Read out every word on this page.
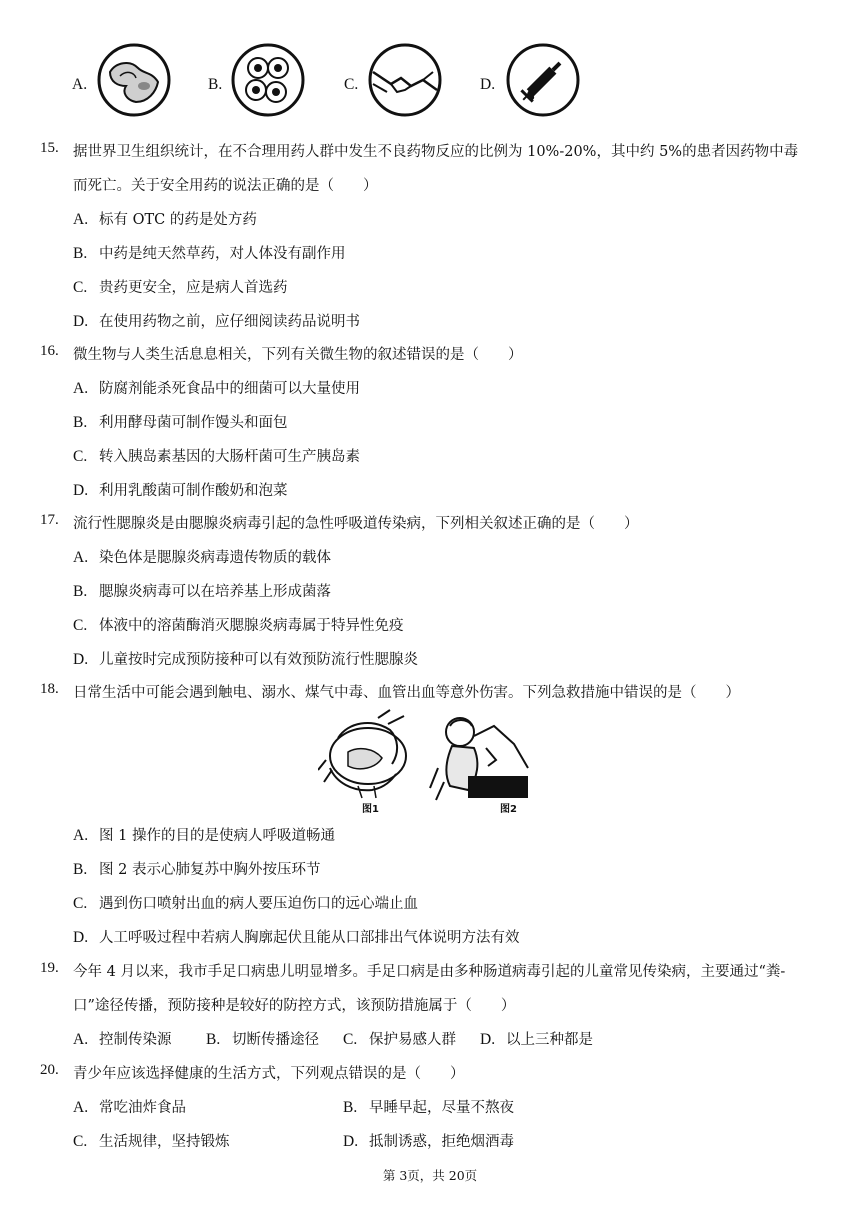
A.	B.	C.	D.
15. 据世界卫生组织统计，在不合理用药人群中发生不良药物反应的比例为 10%-20%，其中约 5%的患者因药物中毒
而死亡。关于安全用药的说法正确的是（　　）
A. 标有 OTC 的药是处方药
B. 中药是纯天然草药，对人体没有副作用
C. 贵药更安全，应是病人首选药
D. 在使用药物之前，应仔细阅读药品说明书
16. 微生物与人类生活息息相关，下列有关微生物的叙述错误的是（　　）
A. 防腐剂能杀死食品中的细菌可以大量使用
B. 利用酵母菌可制作馒头和面包
C. 转入胰岛素基因的大肠杆菌可生产胰岛素
D. 利用乳酸菌可制作酸奶和泡菜
17. 流行性腮腺炎是由腮腺炎病毒引起的急性呼吸道传染病，下列相关叙述正确的是（　　）
A. 染色体是腮腺炎病毒遗传物质的载体
B. 腮腺炎病毒可以在培养基上形成菌落
C. 体液中的溶菌酶消灭腮腺炎病毒属于特异性免疫
D. 儿童按时完成预防接种可以有效预防流行性腮腺炎
18. 日常生活中可能会遇到触电、溺水、煤气中毒、血管出血等意外伤害。下列急救措施中错误的是（　　）
图1	图2
A. 图 1 操作的目的是使病人呼吸道畅通
B. 图 2 表示心肺复苏中胸外按压环节
C. 遇到伤口喷射出血的病人要压迫伤口的远心端止血
D. 人工呼吸过程中若病人胸廓起伏且能从口部排出气体说明方法有效
19. 今年 4 月以来，我市手足口病患儿明显增多。手足口病是由多种肠道病毒引起的儿童常见传染病，主要通过“粪-
口”途径传播，预防接种是较好的防控方式，该预防措施属于（　　）
A. 控制传染源 B. 切断传播途径 C. 保护易感人群 D. 以上三种都是
20. 青少年应该选择健康的生活方式，下列观点错误的是（　　）
A. 常吃油炸食品	B. 早睡早起，尽量不熬夜
C. 生活规律，坚持锻炼	D. 抵制诱惑，拒绝烟酒毒
第 3页，共 20页
